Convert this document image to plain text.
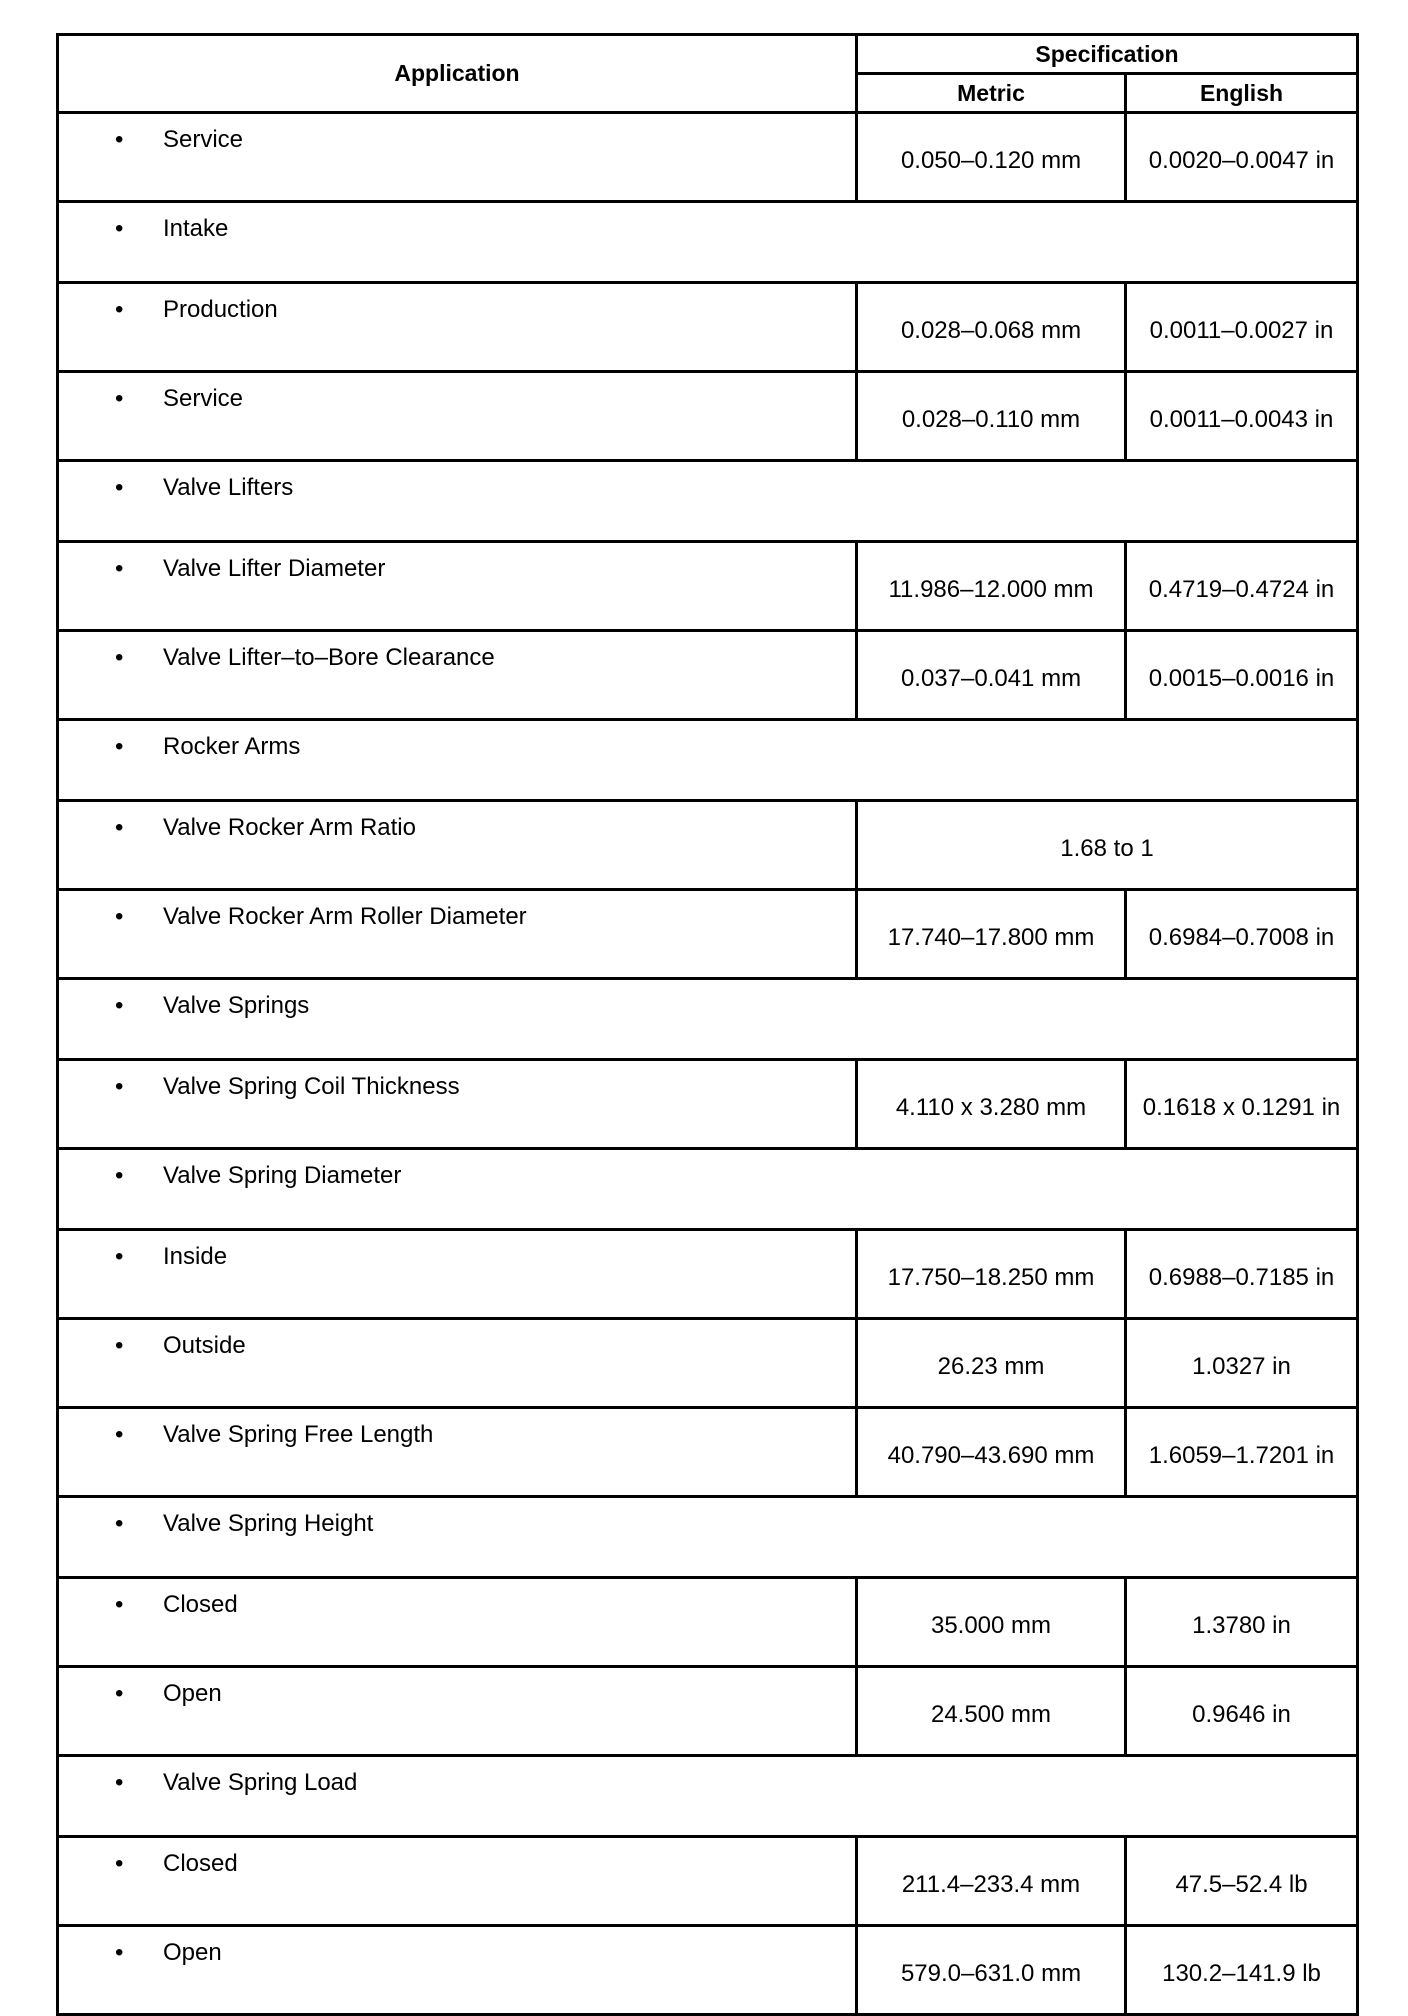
Application	Specification	
	Metric	English

• Service	0.050–0.120 mm	0.0020–0.0047 in

• Intake		

• Production	0.028–0.068 mm	0.0011–0.0027 in

• Service	0.028–0.110 mm	0.0011–0.0043 in

• Valve Lifters		

• Valve Lifter Diameter	11.986–12.000 mm	0.4719–0.4724 in

• Valve Lifter–to–Bore Clearance	0.037–0.041 mm	0.0015–0.0016 in

• Rocker Arms		

• Valve Rocker Arm Ratio	1.68 to 1	

• Valve Rocker Arm Roller Diameter	17.740–17.800 mm	0.6984–0.7008 in

• Valve Springs		

• Valve Spring Coil Thickness	4.110 x 3.280 mm	0.1618 x 0.1291 in

• Valve Spring Diameter		

• Inside	17.750–18.250 mm	0.6988–0.7185 in

• Outside	26.23 mm	1.0327 in

• Valve Spring Free Length	40.790–43.690 mm	1.6059–1.7201 in

• Valve Spring Height		

• Closed	35.000 mm	1.3780 in

• Open	24.500 mm	0.9646 in

• Valve Spring Load		

• Closed	211.4–233.4 mm	47.5–52.4 lb

• Open	579.0–631.0 mm	130.2–141.9 lb
